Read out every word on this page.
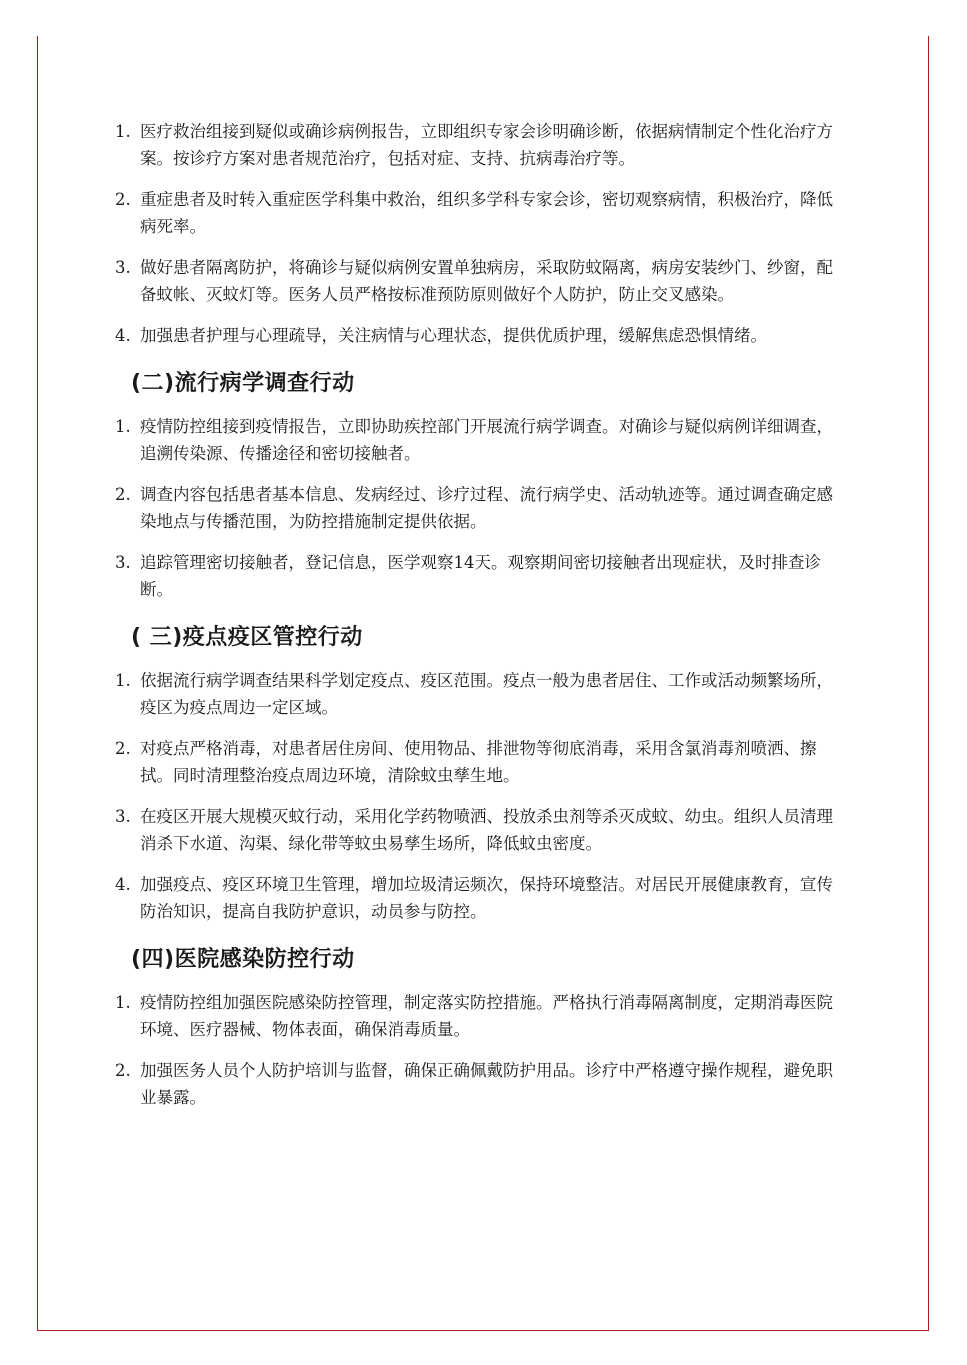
1. 医疗救治组接到疑似或确诊病例报告，立即组织专家会诊明确诊断，依据病情制定个性化治疗方案。按诊疗方案对患者规范治疗，包括对症、支持、抗病毒治疗等。
2. 重症患者及时转入重症医学科集中救治，组织多学科专家会诊，密切观察病情，积极治疗，降低病死率。
3. 做好患者隔离防护，将确诊与疑似病例安置单独病房，采取防蚊隔离，病房安装纱门、纱窗，配备蚊帐、灭蚊灯等。医务人员严格按标准预防原则做好个人防护，防止交叉感染。
4. 加强患者护理与心理疏导，关注病情与心理状态，提供优质护理，缓解焦虑恐惧情绪。
(二)流行病学调查行动
1. 疫情防控组接到疫情报告，立即协助疾控部门开展流行病学调查。对确诊与疑似病例详细调查，追溯传染源、传播途径和密切接触者。
2. 调查内容包括患者基本信息、发病经过、诊疗过程、流行病学史、活动轨迹等。通过调查确定感染地点与传播范围，为防控措施制定提供依据。
3. 追踪管理密切接触者，登记信息，医学观察14天。观察期间密切接触者出现症状，及时排查诊断。
( 三)疫点疫区管控行动
1. 依据流行病学调查结果科学划定疫点、疫区范围。疫点一般为患者居住、工作或活动频繁场所，疫区为疫点周边一定区域。
2. 对疫点严格消毒，对患者居住房间、使用物品、排泄物等彻底消毒，采用含氯消毒剂喷洒、擦拭。同时清理整治疫点周边环境，清除蚊虫孳生地。
3. 在疫区开展大规模灭蚊行动，采用化学药物喷洒、投放杀虫剂等杀灭成蚊、幼虫。组织人员清理消杀下水道、沟渠、绿化带等蚊虫易孳生场所，降低蚊虫密度。
4. 加强疫点、疫区环境卫生管理，增加垃圾清运频次，保持环境整洁。对居民开展健康教育，宣传防治知识，提高自我防护意识，动员参与防控。
(四)医院感染防控行动
1. 疫情防控组加强医院感染防控管理，制定落实防控措施。严格执行消毒隔离制度，定期消毒医院环境、医疗器械、物体表面，确保消毒质量。
2. 加强医务人员个人防护培训与监督，确保正确佩戴防护用品。诊疗中严格遵守操作规程，避免职业暴露。
